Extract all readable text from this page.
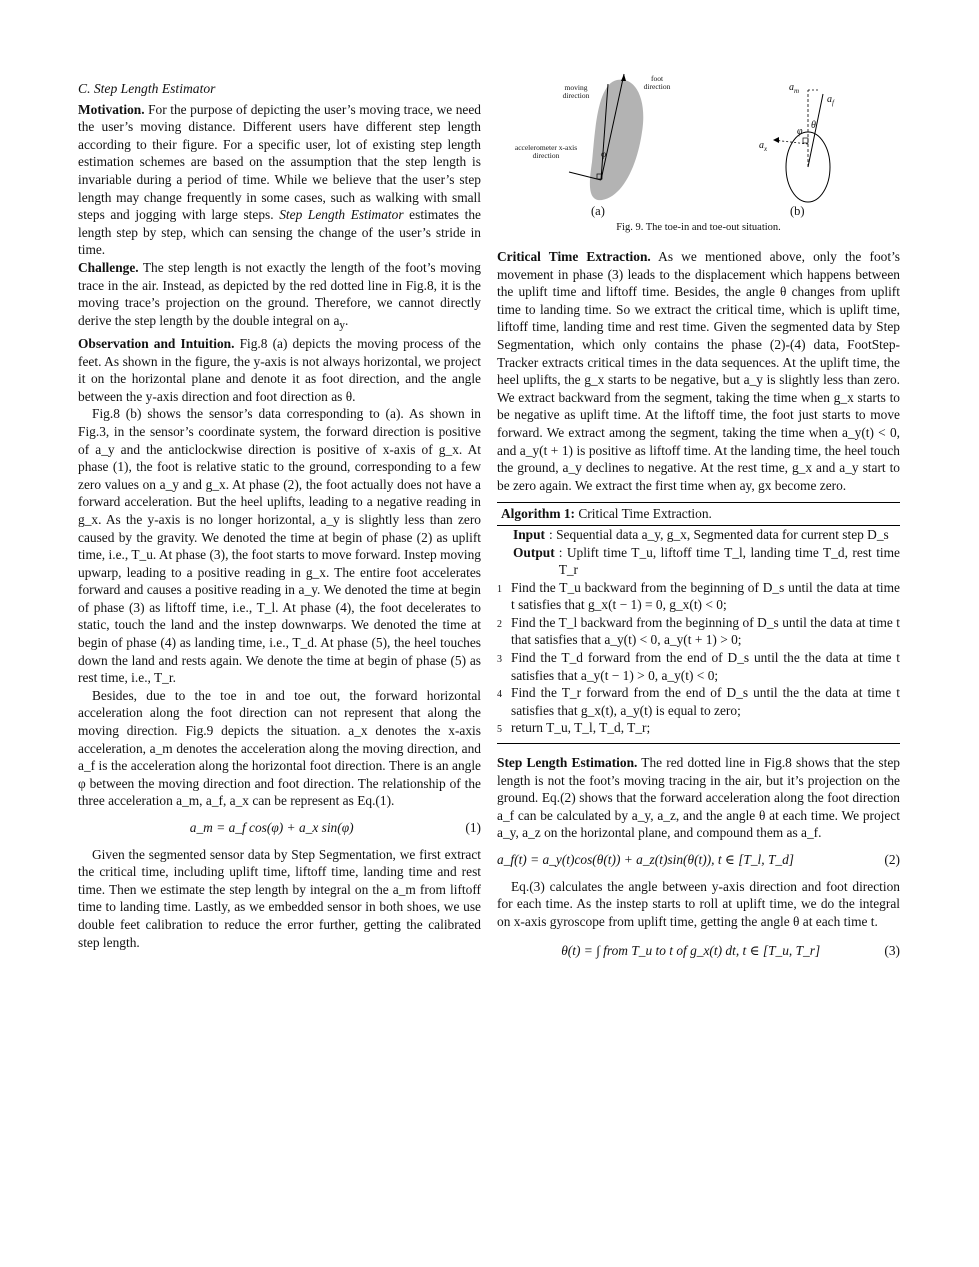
C. Step Length Estimator

Motivation. For the purpose of depicting the user’s moving trace, we need the user’s moving distance. Different users have different step length according to their figure. For a specific user, lot of existing step length estimation schemes are based on the assumption that the step length is invariable during a period of time. While we believe that the user’s step length may change frequently in some cases, such as walking with small steps and jogging with large steps. Step Length Estimator estimates the length step by step, which can sensing the change of the user’s stride in time.

Challenge. The step length is not exactly the length of the foot’s moving trace in the air. Instead, as depicted by the red dotted line in Fig.8, it is the moving trace’s projection on the ground. Therefore, we cannot directly derive the step length by the double integral on $a_y$.

Observation and Intuition. Fig.8 (a) depicts the moving process of the feet. As shown in the figure, the y-axis is not always horizontal, we project it on the horizontal plane and denote it as foot direction, and the angle between the y-axis direction and foot direction as θ.

Fig.8 (b) shows the sensor’s data corresponding to (a). As shown in Fig.3, in the sensor’s coordinate system, the forward direction is positive of a_y and the anticlockwise direction is positive of x-axis of g_x. At phase (1), the foot is relative static to the ground, corresponding to a few zero values on a_y and g_x. At phase (2), the foot actually does not have a forward acceleration. But the heel uplifts, leading to a negative reading in g_x. As the y-axis is no longer horizontal, a_y is slightly less than zero caused by the gravity. We denoted the time at begin of phase (2) as uplift time, i.e., T_u. At phase (3), the foot starts to move forward. Instep moving upwarp, leading to a positive reading in g_x. The entire foot accelerates forward and causes a positive reading in a_y. We denoted the time at begin of phase (3) as liftoff time, i.e., T_l. At phase (4), the foot decelerates to static, touch the land and the instep downwarps. We denoted the time at begin of phase (4) as landing time, i.e., T_d. At phase (5), the heel touches down the land and rests again. We denote the time at begin of phase (5) as rest time, i.e., T_r.

Besides, due to the toe in and toe out, the forward horizontal acceleration along the foot direction can not represent that along the moving direction. Fig.9 depicts the situation. a_x denotes the x-axis acceleration, a_m denotes the acceleration along the moving direction, and a_f is the acceleration along the horizontal foot direction. There is an angle φ between the moving direction and foot direction. The relationship of the three acceleration a_m, a_f, a_x can be represent as Eq.(1).

a_m = a_f cos(φ) + a_x sin(φ)	(1)

Given the segmented sensor data by Step Segmentation, we first extract the critical time, including uplift time, liftoff time, landing time and rest time. Then we estimate the step length by integral on the a_m from liftoff time to landing time. Lastly, as we embedded sensor in both shoes, we use double feet calibration to reduce the error further, getting the calibrated step length.

moving direction
foot direction
accelerometer x-axis direction	φ
$a_m$
$a_f$
$a_x$
φ
θ
(a)	(b)
Fig. 9. The toe-in and toe-out situation.

Critical Time Extraction. As we mentioned above, only the foot’s movement in phase (3) leads to the displacement which happens between the uplift time and liftoff time. Besides, the angle θ changes from uplift time to landing time. So we extract the critical time, which is uplift time, liftoff time, landing time and rest time. Given the segmented data by Step Segmentation, which only contains the phase (2)-(4) data, FootStep-Tracker extracts critical times in the data sequences. At the uplift time, the heel uplifts, the g_x starts to be negative, but a_y is slightly less than zero. We extract backward from the segment, taking the time when g_x starts to be negative as uplift time. At the liftoff time, the foot just starts to move forward. We extract among the segment, taking the time when a_y(t) < 0, and a_y(t + 1) is positive as liftoff time. At the landing time, the heel touch the ground, a_y declines to negative. At the rest time, g_x and a_y start to be zero again. We extract the first time when ay, gx become zero.

Algorithm 1: Critical Time Extraction.
Input : Sequential data a_y, g_x, Segmented data for current step D_s
Output : Uplift time T_u, liftoff time T_l, landing time T_d, rest time T_r
1 Find the T_u backward from the beginning of D_s until the data at time t satisfies that g_x(t − 1) = 0, g_x(t) < 0;
2 Find the T_l backward from the beginning of D_s until the data at time t that satisfies that a_y(t) < 0, a_y(t + 1) > 0;
3 Find the T_d forward from the end of D_s until the the data at time t satisfies that a_y(t − 1) > 0, a_y(t) < 0;
4 Find the T_r forward from the end of D_s until the the data at time t satisfies that g_x(t), a_y(t) is equal to zero;
5 return T_u, T_l, T_d, T_r;

Step Length Estimation. The red dotted line in Fig.8 shows that the step length is not the foot’s moving tracing in the air, but it’s projection on the ground. Eq.(2) shows that the forward acceleration along the foot direction a_f can be calculated by a_y, a_z, and the angle θ at each time. We project a_y, a_z on the horizontal plane, and compound them as a_f.

a_f(t) = a_y(t)cos(θ(t)) + a_z(t)sin(θ(t)), t ∈ [T_l, T_d]	(2)

Eq.(3) calculates the angle between y-axis direction and foot direction for each time. As the instep starts to roll at uplift time, we do the integral on x-axis gyroscope from uplift time, getting the angle θ at each time t.

θ(t) = ∫ from T_u to t of g_x(t) dt, t ∈ [T_u, T_r]	(3)
